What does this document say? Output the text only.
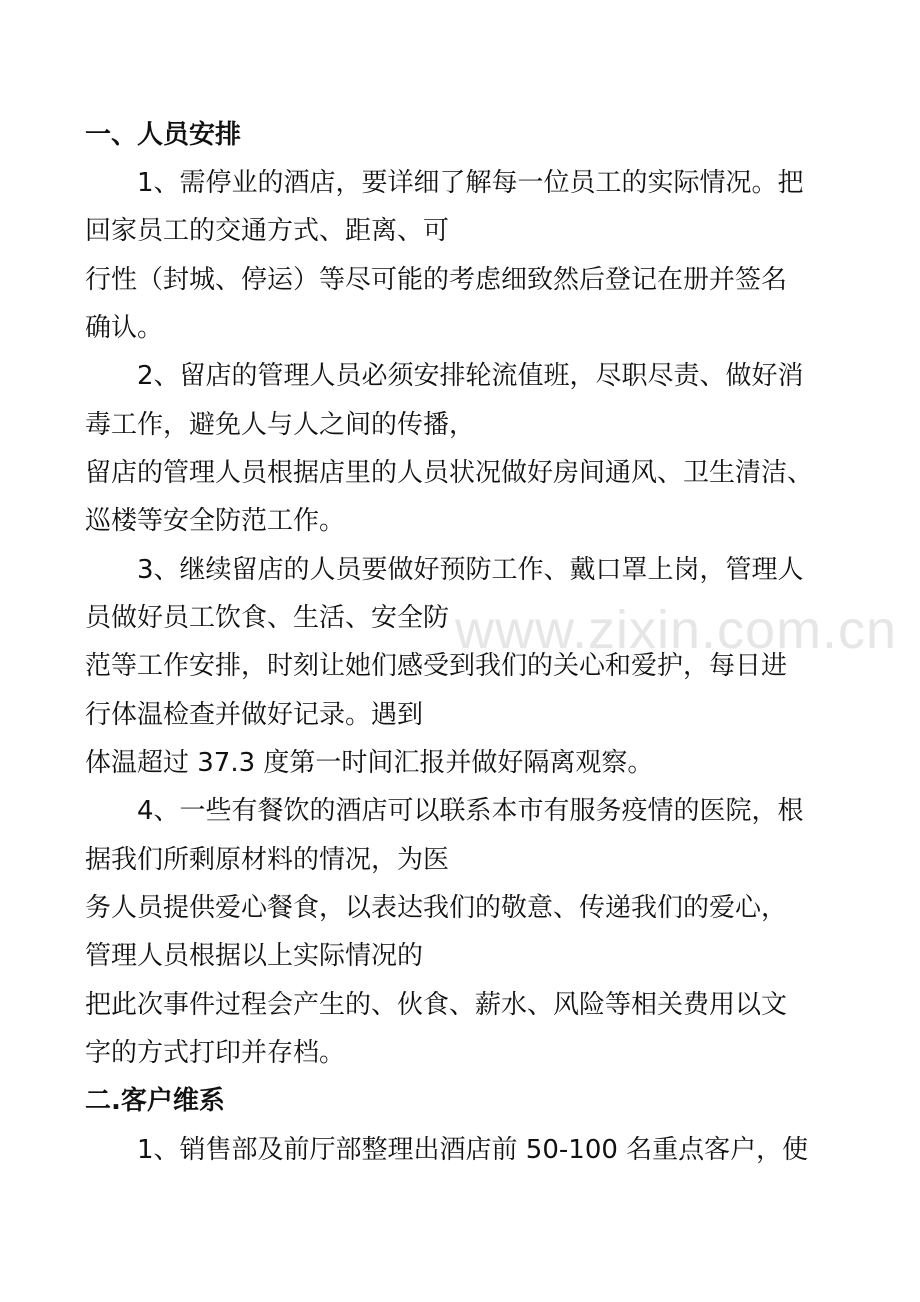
www.zixin.com.cn

一、人员安排

1、需停业的酒店，要详细了解每一位员工的实际情况。把

回家员工的交通方式、距离、可

行性（封城、停运）等尽可能的考虑细致然后登记在册并签名

确认。

2、留店的管理人员必须安排轮流值班，尽职尽责、做好消

毒工作，避免人与人之间的传播，

留店的管理人员根据店里的人员状况做好房间通风、卫生清洁、

巡楼等安全防范工作。

3、继续留店的人员要做好预防工作、戴口罩上岗，管理人

员做好员工饮食、生活、安全防

范等工作安排，时刻让她们感受到我们的关心和爱护，每日进

行体温检查并做好记录。遇到

体温超过 37.3 度第一时间汇报并做好隔离观察。

4、一些有餐饮的酒店可以联系本市有服务疫情的医院，根

据我们所剩原材料的情况，为医

务人员提供爱心餐食，以表达我们的敬意、传递我们的爱心，

管理人员根据以上实际情况的

把此次事件过程会产生的、伙食、薪水、风险等相关费用以文

字的方式打印并存档。

二.客户维系

1、销售部及前厅部整理出酒店前 50-100 名重点客户，使
